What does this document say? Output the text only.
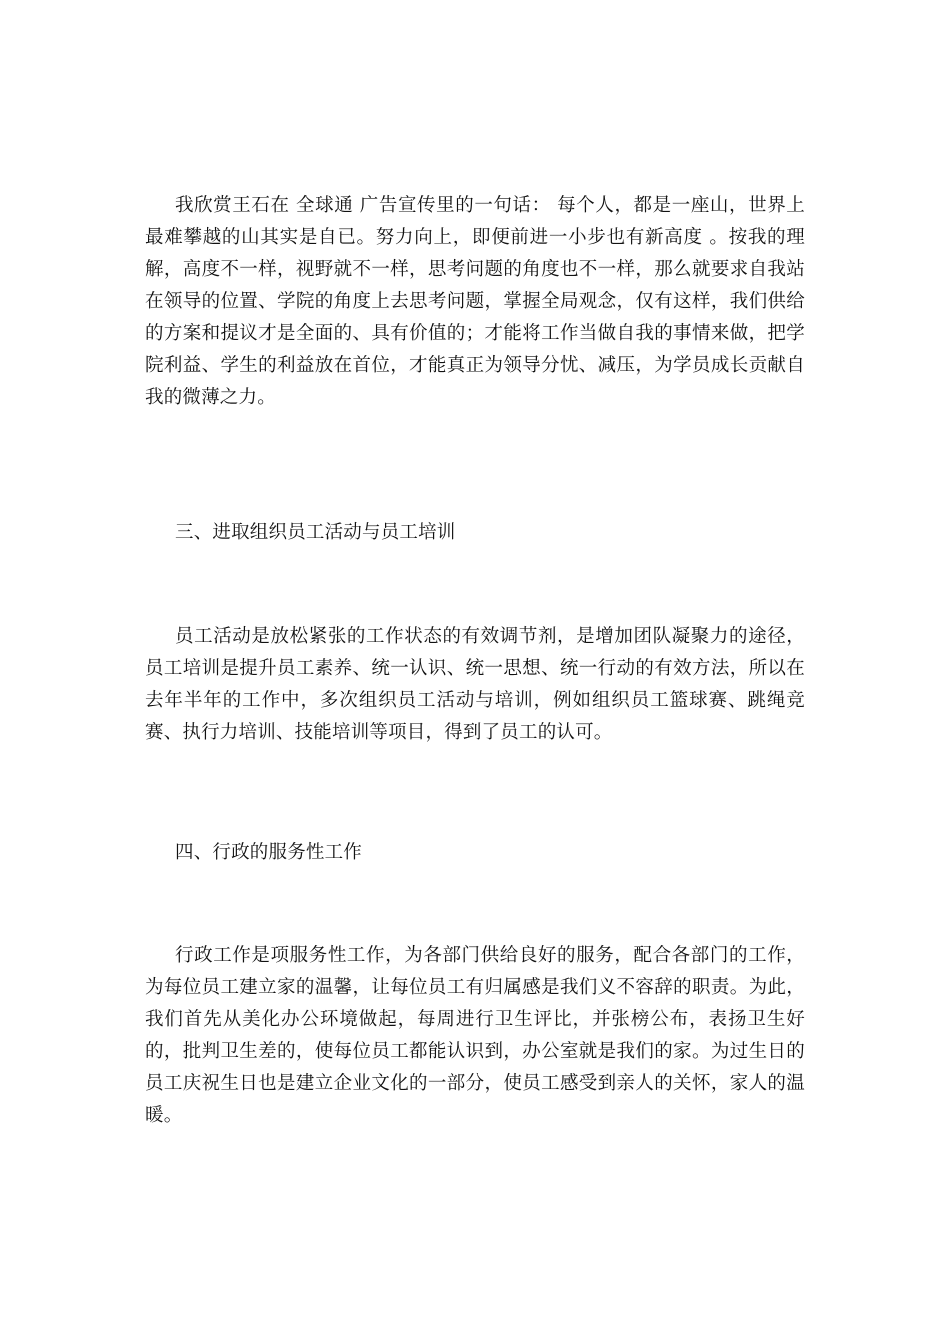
我欣赏王石在 全球通 广告宣传里的一句话： 每个人，都是一座山，世界上最难攀越的山其实是自已。努力向上，即便前进一小步也有新高度 。按我的理解，高度不一样，视野就不一样，思考问题的角度也不一样，那么就要求自我站在领导的位置、学院的角度上去思考问题，掌握全局观念，仅有这样，我们供给的方案和提议才是全面的、具有价值的；才能将工作当做自我的事情来做，把学院利益、学生的利益放在首位，才能真正为领导分忧、减压，为学员成长贡献自我的微薄之力。

三、进取组织员工活动与员工培训

员工活动是放松紧张的工作状态的有效调节剂，是增加团队凝聚力的途径，员工培训是提升员工素养、统一认识、统一思想、统一行动的有效方法，所以在去年半年的工作中，多次组织员工活动与培训，例如组织员工篮球赛、跳绳竞赛、执行力培训、技能培训等项目，得到了员工的认可。

四、行政的服务性工作

行政工作是项服务性工作，为各部门供给良好的服务，配合各部门的工作，为每位员工建立家的温馨，让每位员工有归属感是我们义不容辞的职责。为此，我们首先从美化办公环境做起，每周进行卫生评比，并张榜公布，表扬卫生好的，批判卫生差的，使每位员工都能认识到，办公室就是我们的家。为过生日的员工庆祝生日也是建立企业文化的一部分，使员工感受到亲人的关怀，家人的温暖。
